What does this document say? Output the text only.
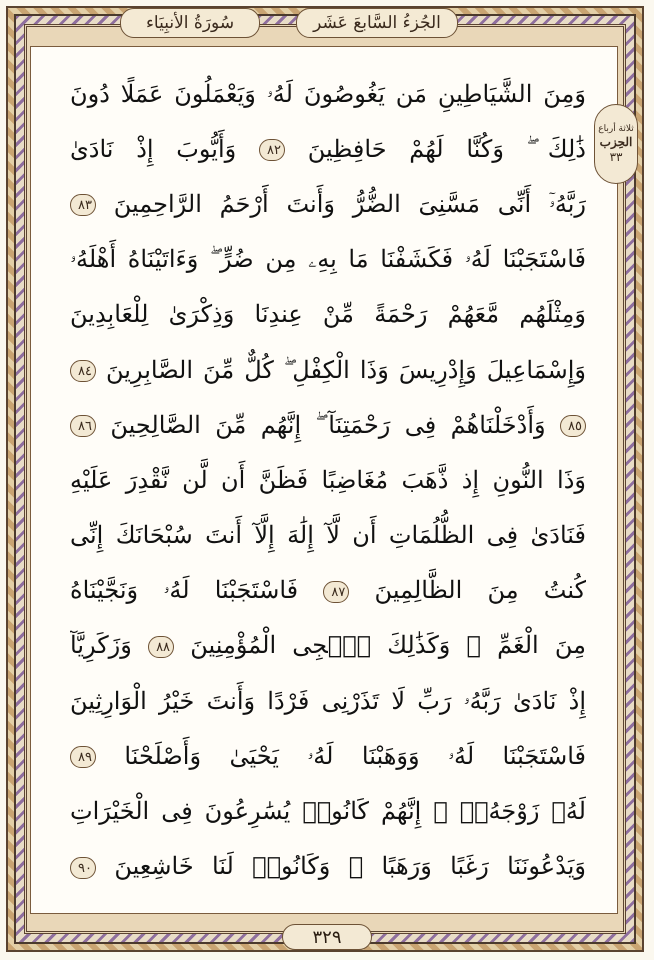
الجُزءُ السَّابعَ عَشَر
سُورَةُ الأنبِيَاء
ثلاثة أرباع
الحِزب
٣٣
وَمِنَ الشَّيَاطِينِ مَن يَغُوصُونَ لَهُۥ وَيَعْمَلُونَ عَمَلًا دُونَ
ذَٰلِكَ ۖ وَكُنَّا لَهُمْ حَافِظِينَ ٨٢ وَأَيُّوبَ إِذْ نَادَىٰ
رَبَّهُۥٓ أَنِّى مَسَّنِىَ الضُّرُّ وَأَنتَ أَرْحَمُ الرَّاحِمِينَ ٨٣
فَاسْتَجَبْنَا لَهُۥ فَكَشَفْنَا مَا بِهِۦ مِن ضُرٍّ ۖ وَءَاتَيْنَاهُ أَهْلَهُۥ
وَمِثْلَهُم مَّعَهُمْ رَحْمَةً مِّنْ عِندِنَا وَذِكْرَىٰ لِلْعَابِدِينَ
وَإِسْمَاعِيلَ وَإِدْرِيسَ وَذَا الْكِفْلِ ۖ كُلٌّ مِّنَ الصَّابِرِينَ ٨٤
٨٥ وَأَدْخَلْنَاهُمْ فِى رَحْمَتِنَآ ۖ إِنَّهُم مِّنَ الصَّالِحِينَ ٨٦
وَذَا النُّونِ إِذ ذَّهَبَ مُغَاضِبًا فَظَنَّ أَن لَّن نَّقْدِرَ عَلَيْهِ
فَنَادَىٰ فِى الظُّلُمَاتِ أَن لَّآ إِلَٰهَ إِلَّآ أَنتَ سُبْحَانَكَ إِنِّى
كُنتُ مِنَ الظَّالِمِينَ ٨٧ فَاسْتَجَبْنَا لَهُۥ وَنَجَّيْنَاهُ
مِنَ الْغَمِّ ۚ وَكَذَٰلِكَ نُۨجِى الْمُؤْمِنِينَ ٨٨ وَزَكَرِيَّآ
إِذْ نَادَىٰ رَبَّهُۥ رَبِّ لَا تَذَرْنِى فَرْدًا وَأَنتَ خَيْرُ الْوَارِثِينَ
فَاسْتَجَبْنَا لَهُۥ وَوَهَبْنَا لَهُۥ يَحْيَىٰ وَأَصْلَحْنَا ٨٩
لَهُۥ زَوْجَهُۥٓ ۚ إِنَّهُمْ كَانُوا۟ يُسَٰرِعُونَ فِى الْخَيْرَاتِ
وَيَدْعُونَنَا رَغَبًا وَرَهَبًا ۖ وَكَانُوا۟ لَنَا خَاشِعِينَ ٩٠
٣٢٩
